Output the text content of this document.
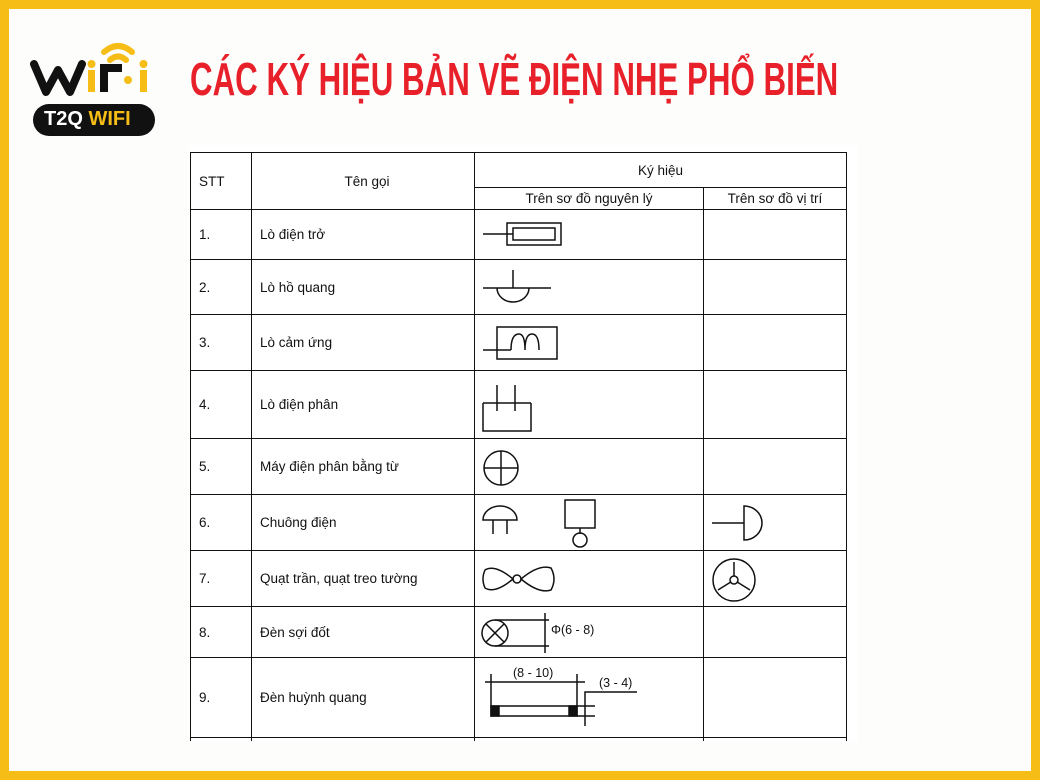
T2Q WIFI
CÁC KÝ HIỆU BẢN VẼ ĐIỆN NHẸ PHỔ BIẾN
STT	Tên gọi	Ký hiệu	
		Trên sơ đồ nguyên lý	Trên sơ đồ vị trí
1.	Lò điện trở	

2.	Lò hồ quang	

3.	Lò cảm ứng	

4.	Lò điện phân	

5.	Máy điện phân bằng từ	

6.	Chuông điện	

7.	Quạt trần, quạt treo tường	

8.	Đèn sợi đốt	Φ(6 - 8)	

9.	Đèn huỳnh quang	(8 - 10)
(3 - 4)	
